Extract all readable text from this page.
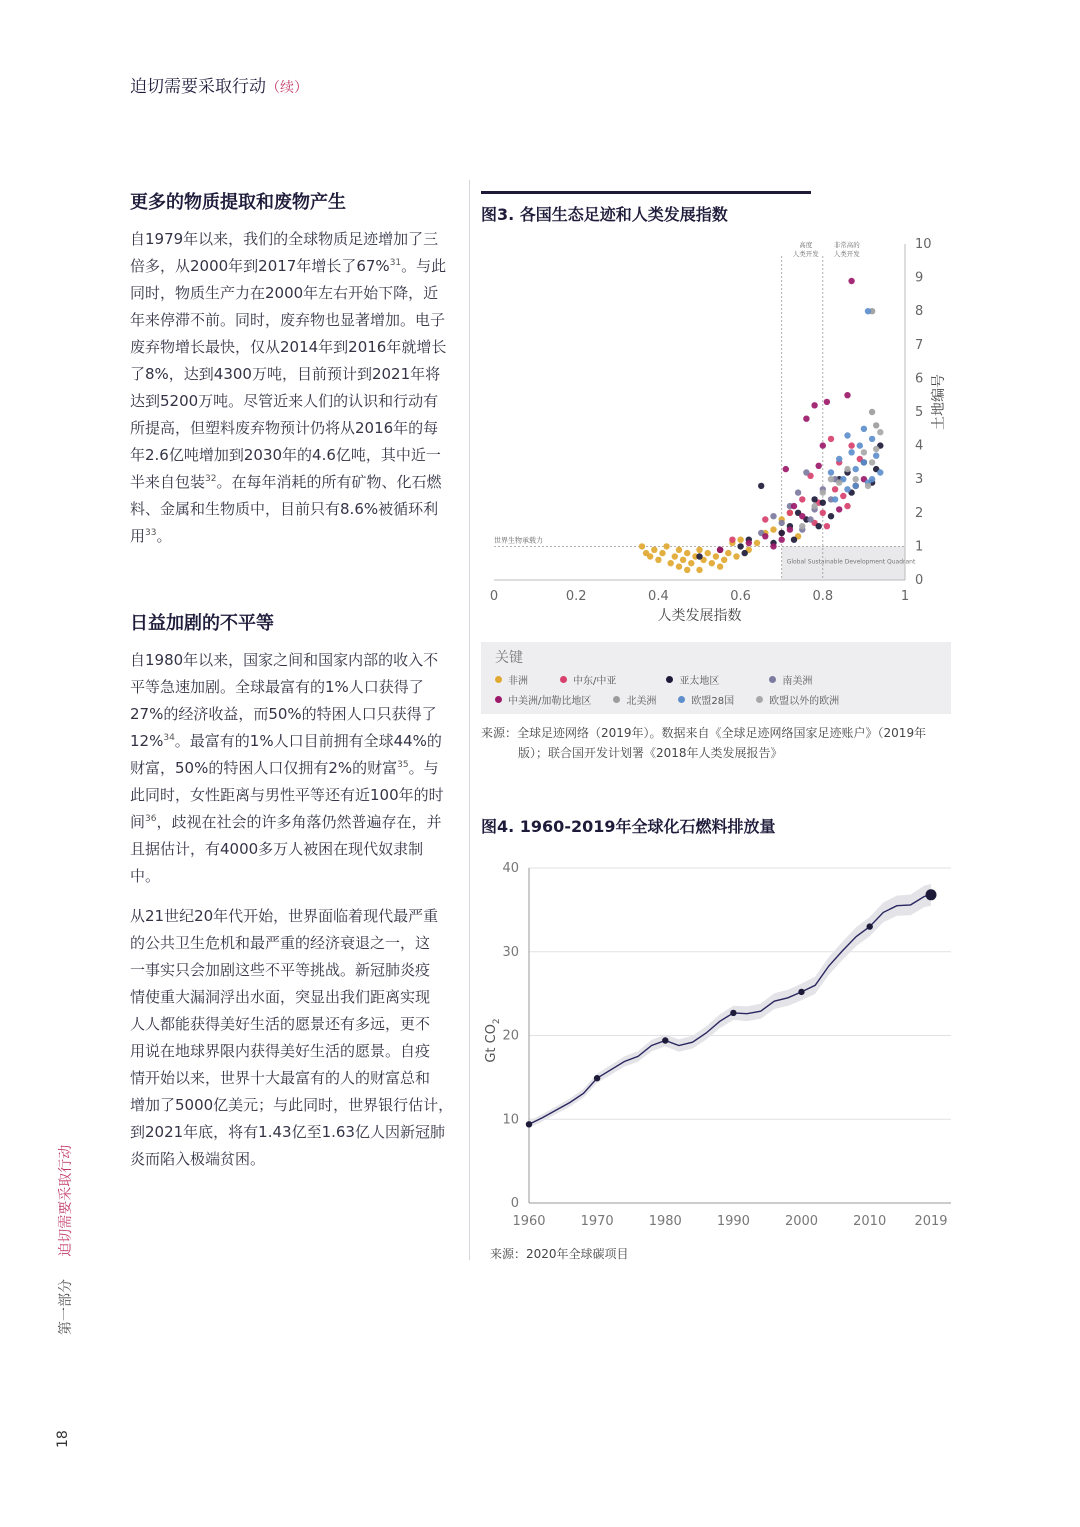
迫切需要采取行动（续）
更多的物质提取和废物产生
自1979年以来，我们的全球物质足迹增加了三
倍多，从2000年到2017年增长了67%$^{31}$。与此
同时，物质生产力在2000年左右开始下降，近
年来停滞不前。同时，废弃物也显著增加。电子
废弃物增长最快，仅从2014年到2016年就增长
了8%，达到4300万吨，目前预计到2021年将
达到5200万吨。尽管近来人们的认识和行动有
所提高，但塑料废弃物预计仍将从2016年的每
年2.6亿吨增加到2030年的4.6亿吨，其中近一
半来自包装$^{32}$。在每年消耗的所有矿物、化石燃
料、金属和生物质中，目前只有8.6%被循环利
用$^{33}$。
日益加剧的不平等
自1980年以来，国家之间和国家内部的收入不
平等急速加剧。全球最富有的1%人口获得了
27%的经济收益，而50%的特困人口只获得了
12%$^{34}$。最富有的1%人口目前拥有全球44%的
财富，50%的特困人口仅拥有2%的财富$^{35}$。与
此同时，女性距离与男性平等还有近100年的时
间$^{36}$，歧视在社会的许多角落仍然普遍存在，并
且据估计，有4000多万人被困在现代奴隶制
中。
从21世纪20年代开始，世界面临着现代最严重
的公共卫生危机和最严重的经济衰退之一，这
一事实只会加剧这些不平等挑战。新冠肺炎疫
情使重大漏洞浮出水面，突显出我们距离实现
人人都能获得美好生活的愿景还有多远，更不
用说在地球界限内获得美好生活的愿景。自疫
情开始以来，世界十大最富有的人的财富总和
增加了5000亿美元；与此同时，世界银行估计，
到2021年底，将有1.43亿至1.63亿人因新冠肺
炎而陷入极端贫困。
图3. 各国生态足迹和人类发展指数
Global Sustainable Development Quadrant
世界生物承载力
高度
人类开发
非常高的
人类开发
0	0.2	0.4	0.6	0.8	1
0
1
2
3
4
5
6
7
8
9
10
人类发展指数
土地编号
关键
非洲	中东/中亚	亚太地区	南美洲
中美洲/加勒比地区	北美洲	欧盟28国	欧盟以外的欧洲
来源：全球足迹网络（2019年）。数据来自《全球足迹网络国家足迹账户》（2019年
版）；联合国开发计划署《2018年人类发展报告》
图4. 1960-2019年全球化石燃料排放量
0
10
20
30
40
1960	1970	1980	1990	2000	2010 2019
Gt $CO_2$
来源：2020年全球碳项目
第一部分     迫切需要采取行动
18
